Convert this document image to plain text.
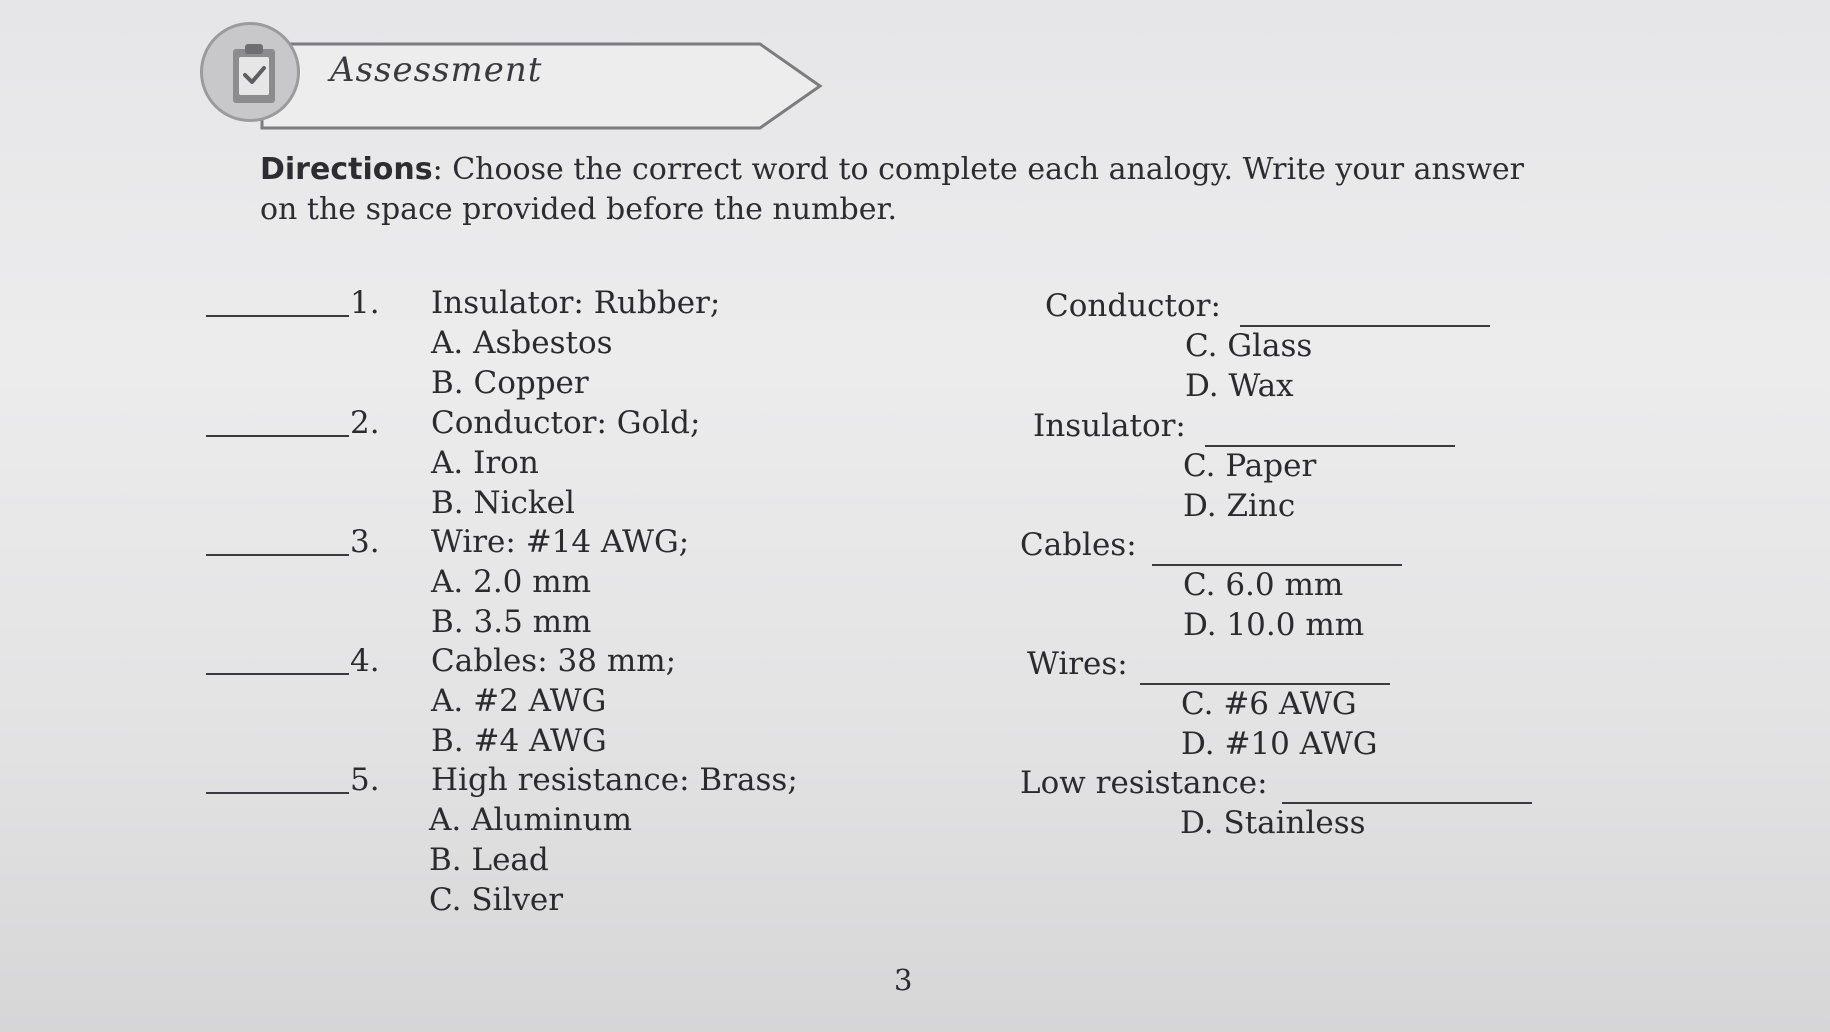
Assessment
Directions: Choose the correct word to complete each analogy. Write your answer on the space provided before the number.
1. Insulator: Rubber;	Conductor:
A. Asbestos
B. Copper
C. Glass
D. Wax
2. Conductor: Gold;	Insulator:
A. Iron
B. Nickel
C. Paper
D. Zinc
3. Wire: #14 AWG;	Cables:
A. 2.0 mm
B. 3.5 mm
C. 6.0 mm
D. 10.0 mm
4. Cables: 38 mm;	Wires:
A. #2 AWG
B. #4 AWG
C. #6 AWG
D. #10 AWG
5. High resistance: Brass;	Low resistance:
A. Aluminum
B. Lead
C. Silver
D. Stainless
3
